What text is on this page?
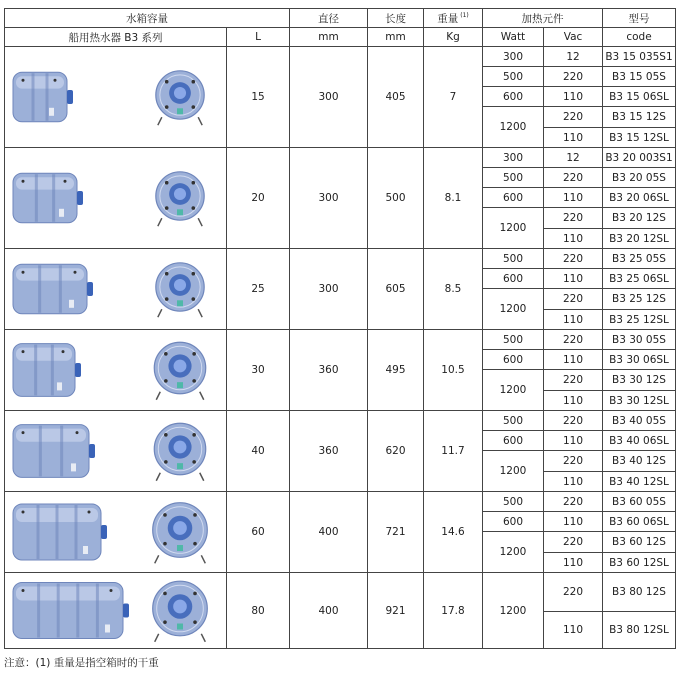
水箱容量		直径	长度	重量 $^{(1)}$	加热元件		型号
船用热水器 B3 系列	L	mm	mm	Kg	Watt	Vac	code

	15	300	405	7	300	12	B3 15 035S1
					500	220	B3 15 05S
					600	110	B3 15 06SL
					1200	220	B3 15 12S
						110	B3 15 12SL

	20	300	500	8.1	300	12	B3 20 003S1
					500	220	B3 20 05S
					600	110	B3 20 06SL
					1200	220	B3 20 12S
						110	B3 20 12SL

	25	300	605	8.5	500	220	B3 25 05S
					600	110	B3 25 06SL
					1200	220	B3 25 12S
						110	B3 25 12SL

	30	360	495	10.5	500	220	B3 30 05S
					600	110	B3 30 06SL
					1200	220	B3 30 12S
						110	B3 30 12SL

	40	360	620	11.7	500	220	B3 40 05S
					600	110	B3 40 06SL
					1200	220	B3 40 12S
						110	B3 40 12SL

	60	400	721	14.6	500	220	B3 60 05S
					600	110	B3 60 06SL
					1200	220	B3 60 12S
						110	B3 60 12SL

	80	400	921	17.8	1200	220	B3 80 12S
						110	B3 80 12SL
注意：(1) 重量是指空箱时的干重
